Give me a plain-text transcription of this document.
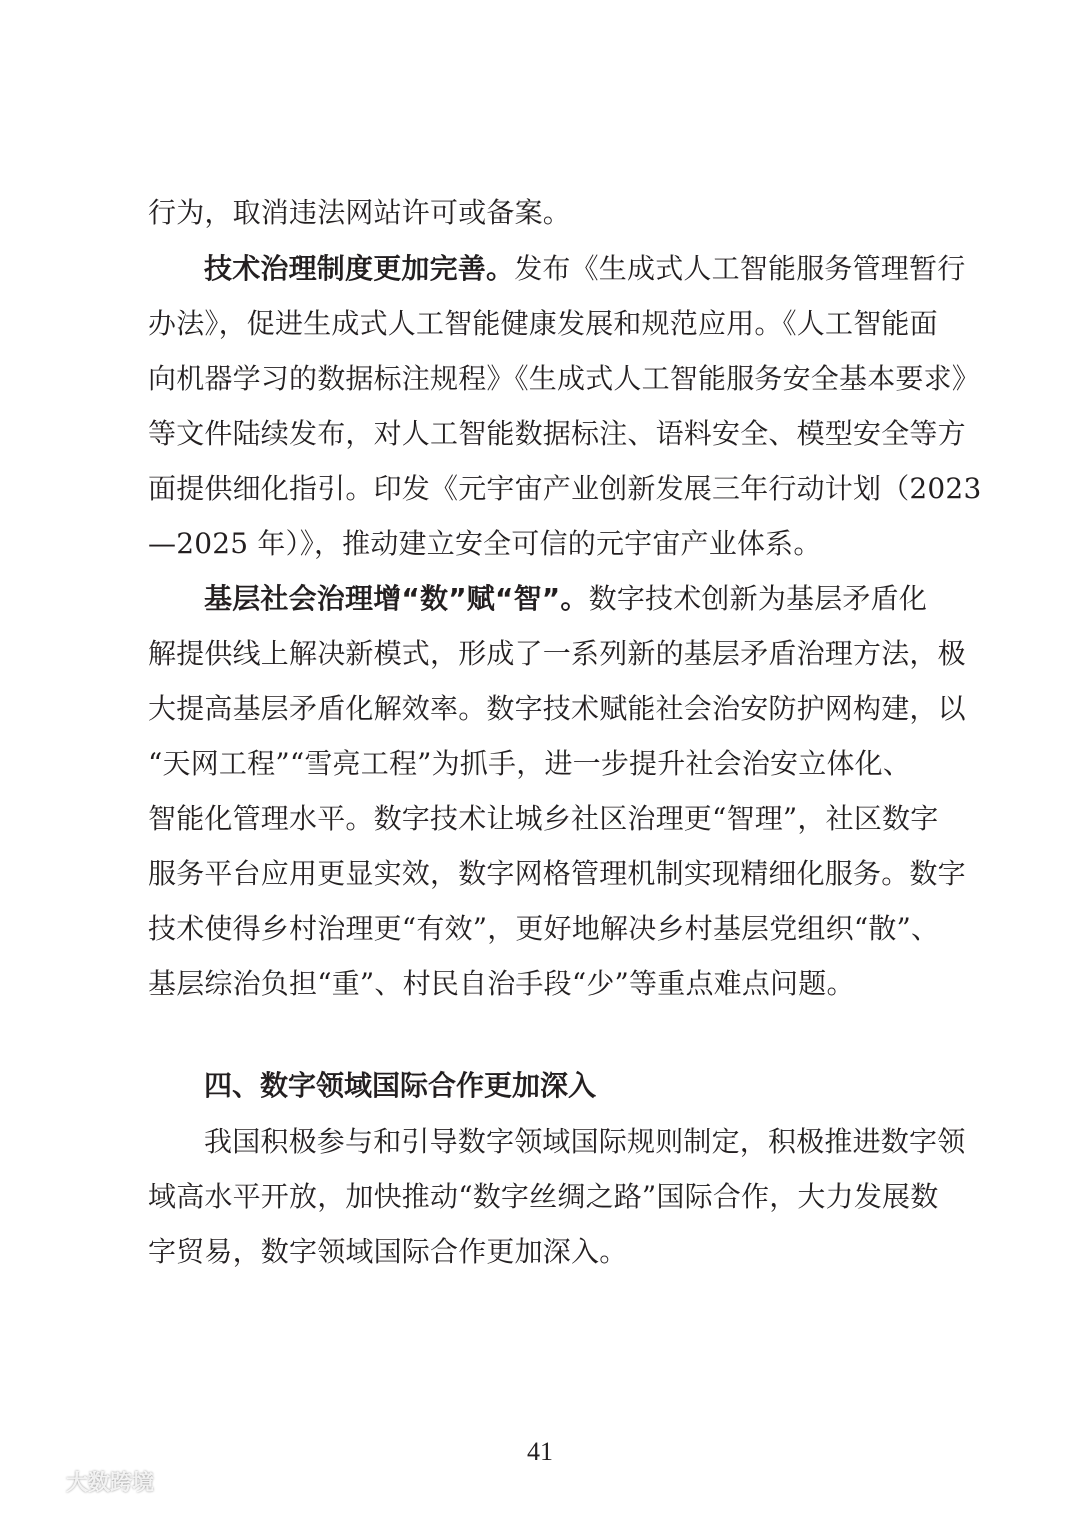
行为，取消违法网站许可或备案。
技术治理制度更加完善。发布《生成式人工智能服务管理暂行
办法》，促进生成式人工智能健康发展和规范应用。《人工智能面
向机器学习的数据标注规程》《生成式人工智能服务安全基本要求》
等文件陆续发布，对人工智能数据标注、语料安全、模型安全等方
面提供细化指引。印发《元宇宙产业创新发展三年行动计划（2023
—2025 年）》，推动建立安全可信的元宇宙产业体系。
基层社会治理增“数”赋“智”。数字技术创新为基层矛盾化
解提供线上解决新模式，形成了一系列新的基层矛盾治理方法，极
大提高基层矛盾化解效率。数字技术赋能社会治安防护网构建，以
“天网工程”“雪亮工程”为抓手，进一步提升社会治安立体化、
智能化管理水平。数字技术让城乡社区治理更“智理”，社区数字
服务平台应用更显实效，数字网格管理机制实现精细化服务。数字
技术使得乡村治理更“有效”，更好地解决乡村基层党组织“散”、
基层综治负担“重”、村民自治手段“少”等重点难点问题。
四、数字领域国际合作更加深入
我国积极参与和引导数字领域国际规则制定，积极推进数字领
域高水平开放，加快推动“数字丝绸之路”国际合作，大力发展数
字贸易，数字领域国际合作更加深入。
41
大数跨境
